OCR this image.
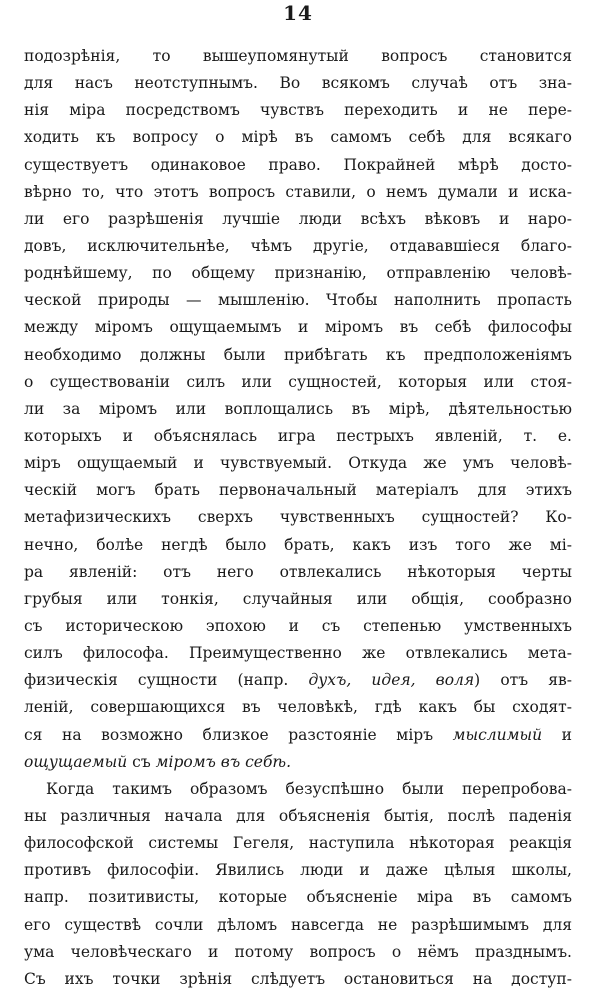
14
подозрѣнія, то вышеупомянутый вопросъ становится
для насъ неотступнымъ. Во всякомъ случаѣ отъ зна-
нія міра посредствомъ чувствъ переходить и не пере-
ходить къ вопросу о мірѣ въ самомъ себѣ для всякаго
существуетъ одинаковое право. Покрайней мѣрѣ досто-
вѣрно то, что этотъ вопросъ ставили, о немъ думали и иска-
ли его разрѣшенія лучшіе люди всѣхъ вѣковъ и наро-
довъ, исключительнѣе, чѣмъ другіе, отдававшіеся благо-
роднѣйшему, по общему признанію, отправленію человѣ-
ческой природы — мышленію. Чтобы наполнить пропасть
между міромъ ощущаемымъ и міромъ въ себѣ философы
необходимо должны были прибѣгать къ предположеніямъ
о существованіи силъ или сущностей, которыя или стоя-
ли за міромъ или воплощались въ мірѣ, дѣятельностью
которыхъ и объяснялась игра пестрыхъ явленій, т. е.
міръ ощущаемый и чувствуемый. Откуда же умъ человѣ-
ческій могъ брать первоначальный матеріалъ для этихъ
метафизическихъ сверхъ чувственныхъ сущностей? Ко-
нечно, болѣе негдѣ было брать, какъ изъ того же мі-
ра явленій: отъ него отвлекались нѣкоторыя черты
грубыя или тонкія, случайныя или общія, сообразно
съ историческою эпохою и съ степенью умственныхъ
силъ философа. Преимущественно же отвлекались мета-
физическія сущности (напр. духъ, идея, воля) отъ яв-
леній, совершающихся въ человѣкѣ, гдѣ какъ бы сходят-
ся на возможно близкое разстояніе міръ мыслимый и
ощущаемый съ міромъ въ себѣ.
Когда такимъ образомъ безуспѣшно были перепробова-
ны различныя начала для объясненія бытія, послѣ паденія
философской системы Гегеля, наступила нѣкоторая реакція
противъ философіи. Явились люди и даже цѣлыя школы,
напр. позитивисты, которые объясненіе міра въ самомъ
его существѣ сочли дѣломъ навсегда не разрѣшимымъ для
ума человѣческаго и потому вопросъ о нёмъ празднымъ.
Съ ихъ точки зрѣнія слѣдуетъ остановиться на доступ-
